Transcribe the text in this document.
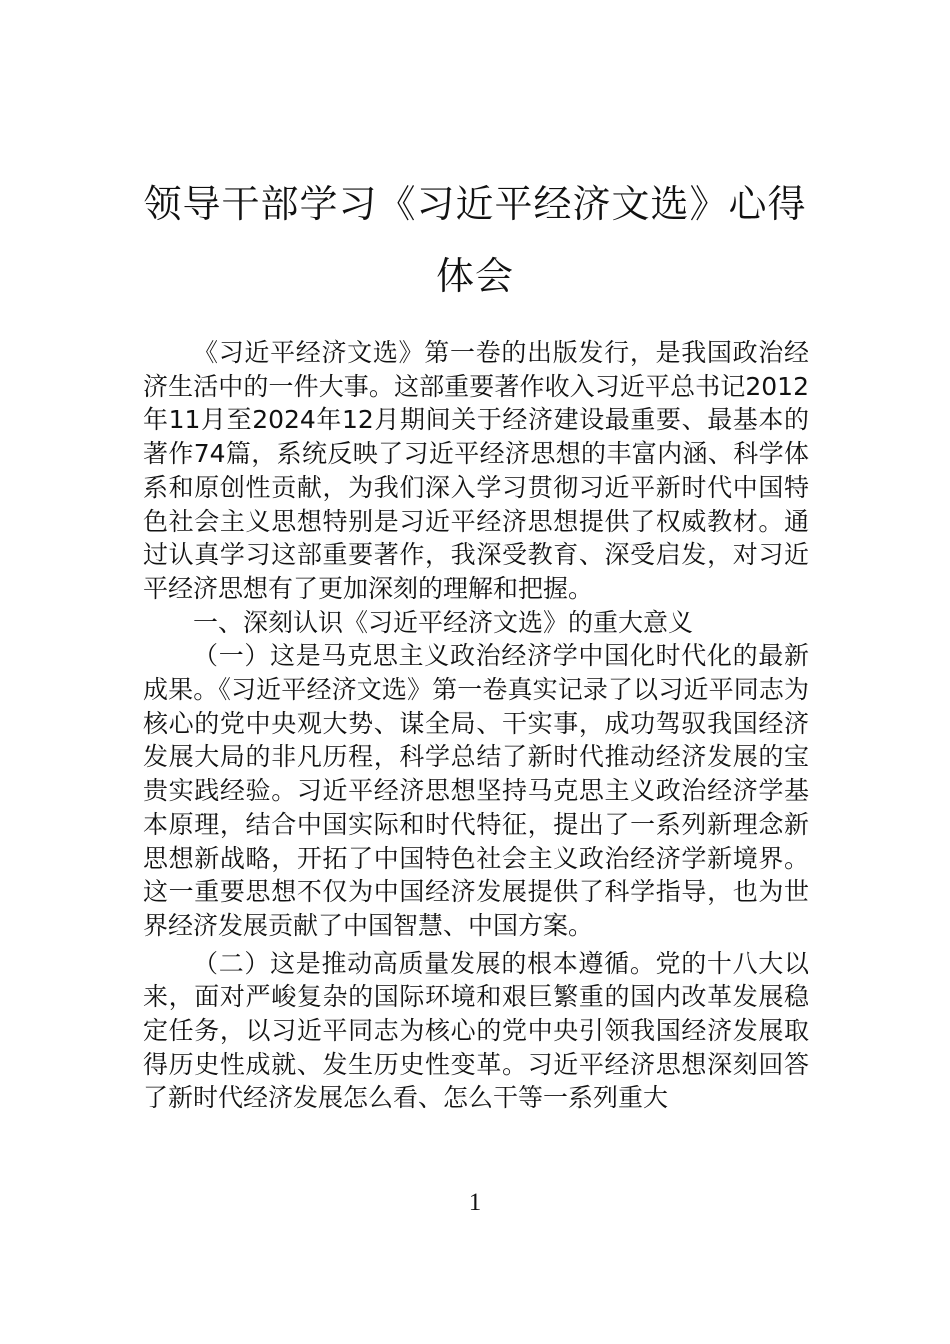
领导干部学习《习近平经济文选》心得体会

《习近平经济文选》第一卷的出版发行，是我国政治经济生活中的一件大事。这部重要著作收入习近平总书记2012年11月至2024年12月期间关于经济建设最重要、最基本的著作74篇，系统反映了习近平经济思想的丰富内涵、科学体系和原创性贡献，为我们深入学习贯彻习近平新时代中国特色社会主义思想特别是习近平经济思想提供了权威教材。通过认真学习这部重要著作，我深受教育、深受启发，对习近平经济思想有了更加深刻的理解和把握。

一、深刻认识《习近平经济文选》的重大意义

（一）这是马克思主义政治经济学中国化时代化的最新成果。《习近平经济文选》第一卷真实记录了以习近平同志为核心的党中央观大势、谋全局、干实事，成功驾驭我国经济发展大局的非凡历程，科学总结了新时代推动经济发展的宝贵实践经验。习近平经济思想坚持马克思主义政治经济学基本原理，结合中国实际和时代特征，提出了一系列新理念新思想新战略，开拓了中国特色社会主义政治经济学新境界。这一重要思想不仅为中国经济发展提供了科学指导，也为世界经济发展贡献了中国智慧、中国方案。

（二）这是推动高质量发展的根本遵循。党的十八大以来，面对严峻复杂的国际环境和艰巨繁重的国内改革发展稳定任务，以习近平同志为核心的党中央引领我国经济发展取得历史性成就、发生历史性变革。习近平经济思想深刻回答了新时代经济发展怎么看、怎么干等一系列重大

1
